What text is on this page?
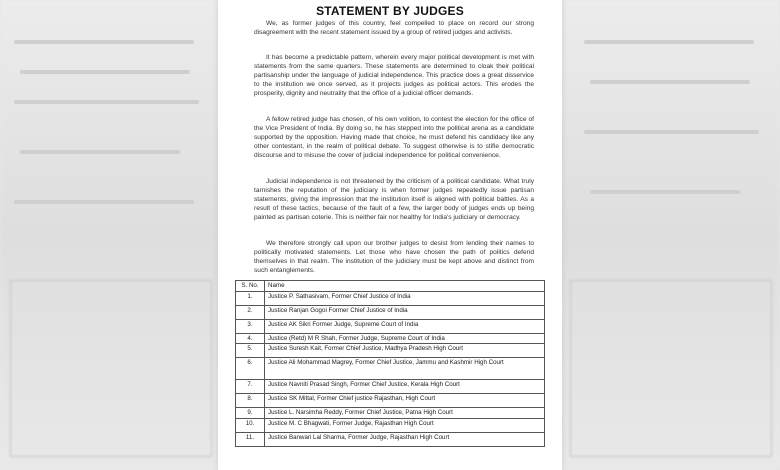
STATEMENT BY JUDGES

We, as former judges of this country, feel compelled to place on record our strong disagreement with the recent statement issued by a group of retired judges and activists.

It has become a predictable pattern, wherein every major political development is met with statements from the same quarters. These statements are determined to cloak their political partisanship under the language of judicial independence. This practice does a great disservice to the institution we once served, as it projects judges as political actors. This erodes the prosperity, dignity and neutrality that the office of a judicial officer demands.

A fellow retired judge has chosen, of his own volition, to contest the election for the office of the Vice President of India. By doing so, he has stepped into the political arena as a candidate supported by the opposition. Having made that choice, he must defend his candidacy like any other contestant, in the realm of political debate. To suggest otherwise is to stifle democratic discourse and to misuse the cover of judicial independence for political convenience.

Judicial independence is not threatened by the criticism of a political candidate. What truly tarnishes the reputation of the judiciary is when former judges repeatedly issue partisan statements, giving the impression that the institution itself is aligned with political battles. As a result of these tactics, because of the fault of a few, the larger body of judges ends up being painted as partisan coterie. This is neither fair nor healthy for India's judiciary or democracy.

We therefore strongly call upon our brother judges to desist from lending their names to politically motivated statements. Let those who have chosen the path of politics defend themselves in that realm. The institution of the judiciary must be kept above and distinct from such entanglements.

S. No.	Name
1.	Justice P. Sathasivam, Former Chief Justice of India
2.	Justice Ranjan Gogoi Former Chief Justice of India
3.	Justice AK Sikri Former Judge, Supreme Court of India
4.	Justice (Retd) M R Shah, Former Judge, Supreme Court of India
5.	Justice Suresh Kait, Former Chief Justice, Madhya Pradesh High Court
6.	Justice Ali Mohammad Magrey, Former Chief Justice, Jammu and Kashmir High Court
7.	Justice Navniti Prasad Singh, Former Chief Justice, Kerala High Court
8.	Justice SK Mittal, Former Chief justice Rajasthan, High Court
9.	Justice L. Narsimha Reddy, Former Chief Justice, Patna High Court
10.	Justice M. C Bhagwati, Former Judge, Rajasthan High Court
11.	Justice Banwari Lal Sharma, Former Judge, Rajasthan High Court
